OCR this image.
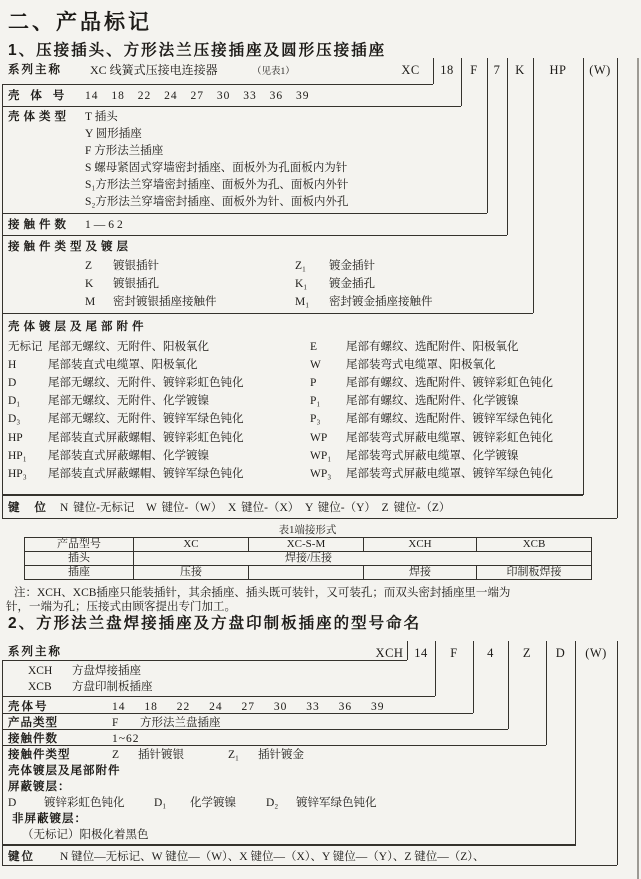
二、产品标记
1、压接插头、方形法兰压接插座及圆形压接插座
系列主称 XC 线簧式压接电连接器	（见表1）	XC	18	F	7	K	HP	(W)
壳 体 号 14 18 22 24 27 30 33 36 39
壳体类型 T 插头
Y 圆形插座
F 方形法兰插座
S 螺母紧固式穿墙密封插座、面板外为孔面板内为针
S₁方形法兰穿墙密封插座、面板外为孔、面板内外针
S₂方形法兰穿墙密封插座、面板外为针、面板内外孔
接触件数 1—62
接触件类型及镀层
Z	镀银插针	Z₁	镀金插针
K	镀银插孔	K₁	镀金插孔
M	密封镀银插座接触件	M₁	密封镀金插座接触件
壳体镀层及尾部附件
无标记 尾部无螺纹、无附件、阳极氧化	E	尾部有螺纹、选配附件、阳极氧化
H	尾部装直式电缆罩、阳极氧化	W	尾部装弯式电缆罩、阳极氧化
D	尾部无螺纹、无附件、镀锌彩虹色钝化	P	尾部有螺纹、选配附件、镀锌彩虹色钝化
D₁	尾部无螺纹、无附件、化学镀镍	P₁	尾部有螺纹、选配附件、化学镀镍
D₃	尾部无螺纹、无附件、镀锌军绿色钝化	P₃	尾部有螺纹、选配附件、镀锌军绿色钝化
HP	尾部装直式屏蔽螺帽、镀锌彩虹色钝化	WP	尾部装弯式屏蔽电缆罩、镀锌彩虹色钝化
HP₁	尾部装直式屏蔽螺帽、化学镀镍	WP₁	尾部装弯式屏蔽电缆罩、化学镀镍
HP₃	尾部装直式屏蔽螺帽、镀锌军绿色钝化	WP₃	尾部装弯式屏蔽电缆罩、镀锌军绿色钝化
键 位 N 键位-无标记　W 键位-（W）　X 键位-（X）　Y 键位-（Y）　Z 键位-（Z）
表1端接形式
产品型号	XC	XC-S-M	XCH	XCB
插头	焊接/压接			
插座	压接		焊接	印制板焊接
注：XCH、XCB插座只能装插针，其余插座、插头既可装针，又可装孔；而双头密封插座里一端为
针，一端为孔；压接式由顾客提出专门加工。
2、方形法兰盘焊接插座及方盘印制板插座的型号命名
系列主称	XCH 14	F	4	Z	D	(W)
XCH	方盘焊接插座
XCB	方盘印制板插座
壳体号	14 18 22 24 27 30 33 36 39
产品类型	F 方形法兰盘插座
接触件数	1~62
接触件类型	Z	插针镀银	Z₁	插针镀金
壳体镀层及尾部附件
屏蔽镀层：
D	镀锌彩虹色钝化	D₁	化学镀镍	D₂	镀锌军绿色钝化
非屏蔽镀层：
（无标记）阳极化着黑色
键位 N 键位—无标记、W 键位—（W）、X 键位—（X）、Y 键位—（Y）、Z 键位—（Z）、
